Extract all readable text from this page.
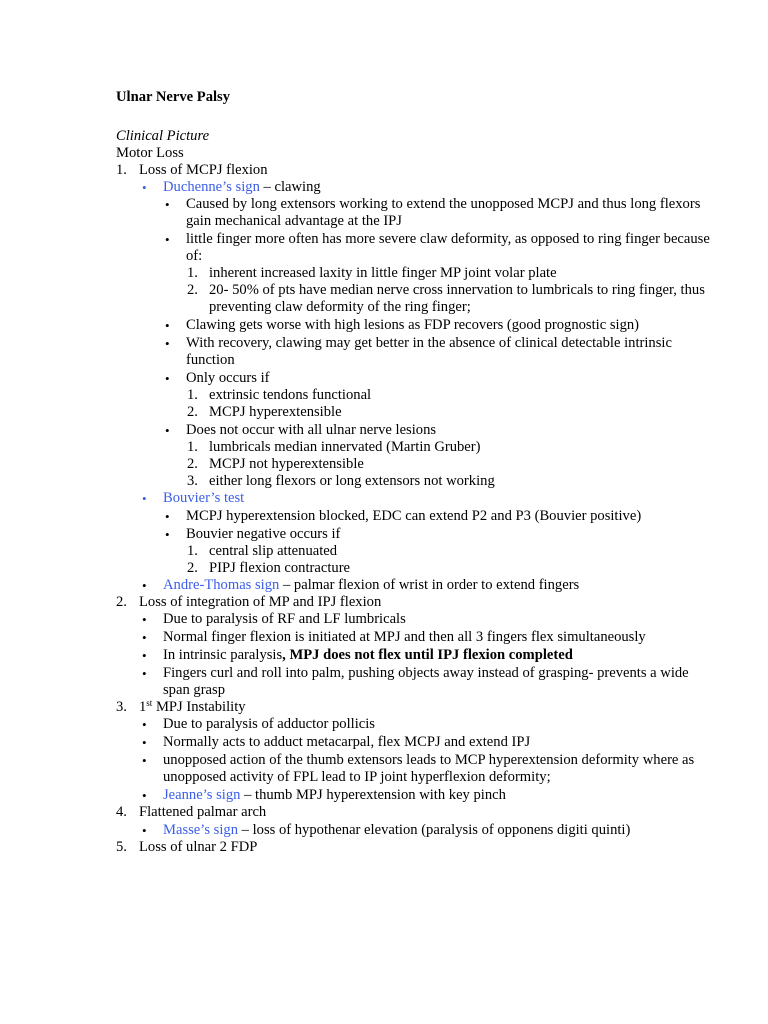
Ulnar Nerve Palsy
Clinical Picture
Motor Loss
1. Loss of MCPJ flexion
• Duchenne’s sign – clawing
• Caused by long extensors working to extend the unopposed MCPJ and thus long flexors gain mechanical advantage at the IPJ
• little finger more often has more severe claw deformity, as opposed to ring finger because of:
1. inherent increased laxity in little finger MP joint volar plate
2. 20- 50% of pts have median nerve cross innervation to lumbricals to ring finger, thus preventing claw deformity of the ring finger;
• Clawing gets worse with high lesions as FDP recovers (good prognostic sign)
• With recovery, clawing may get better in the absence of clinical detectable intrinsic function
• Only occurs if
1. extrinsic tendons functional
2. MCPJ hyperextensible
• Does not occur with all ulnar nerve lesions
1. lumbricals median innervated (Martin Gruber)
2. MCPJ not hyperextensible
3. either long flexors or long extensors not working
• Bouvier’s test
• MCPJ hyperextension blocked, EDC can extend P2 and P3 (Bouvier positive)
• Bouvier negative occurs if
1. central slip attenuated
2. PIPJ flexion contracture
• Andre-Thomas sign – palmar flexion of wrist in order to extend fingers
2. Loss of integration of MP and IPJ flexion
• Due to paralysis of RF and LF lumbricals
• Normal finger flexion is initiated at MPJ and then all 3 fingers flex simultaneously
• In intrinsic paralysis, MPJ does not flex until IPJ flexion completed
• Fingers curl and roll into palm, pushing objects away instead of grasping- prevents a wide span grasp
3. 1st MPJ Instability
• Due to paralysis of adductor pollicis
• Normally acts to adduct metacarpal, flex MCPJ and extend IPJ
• unopposed action of the thumb extensors leads to MCP hyperextension deformity where as unopposed activity of FPL lead to IP joint hyperflexion deformity;
• Jeanne’s sign – thumb MPJ hyperextension with key pinch
4. Flattened palmar arch
• Masse’s sign – loss of hypothenar elevation (paralysis of opponens digiti quinti)
5. Loss of ulnar 2 FDP
